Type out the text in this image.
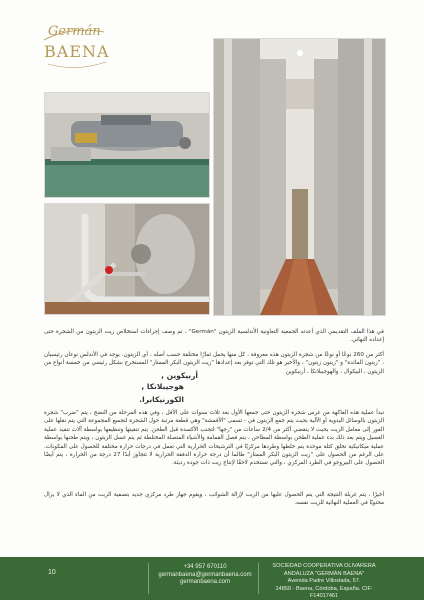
Germán
BAENA

في هذا الملف التقديمي الذي أعدته الجمعية التعاونية الأندلسية الزيتون "Germán" ، تم وصف إجراءات استخلاص زيت الزيتون من الشجرة حتى إعداده النهائي.

أكثر من 260 نوعًا أو نوعًا من شجرة الزيتون هذه معروفة ، كل منها يحمل ثمارًا مختلفة حسب أصله ، أي الزيتون. يوجد في الأندلس نوعان رئيسيان ، "زيتون المائدة" و "زيتون زيتون" ، والأخير هو تلك التي توفر بعد إعدادها "زيت الزيتون البكر الممتاز" المستخرج بشكل رئيسي من خمسة أنواع من الزيتون ، البيكوال ، والهوجيبلانكا ، أربيكوين

أربيكوين ,
هوجيبلانكا ,
الكورنيكابرا.

تبدأ عملية هذه الفاكهة من غرس شجرة الزيتون حتى جمعها الأول بعد ثلاث سنوات على الأقل ، وفي هذه المرحلة من النضج ، يتم "ضرب" شجرة الزيتون بالوسائل اليدوية أو الآلية بحيث يتم جمع الزيتون في - تسمى "الأقمشة" وهي قطعة مرتبة حول الشجرة لتجميع المجموعة التي يتم نقلها على الفور إلى معامل الزيت بحيث لا ينقضي أكثر من 2/4 ساعات من "رجها" لتجنب الأكسدة قبل الطحن. يتم تنقيتها وتنظيفها بواسطة آلات تنفيذ عملية الغسيل ويتم بعد ذلك بدء عملية الطحن بواسطة المطاحن ، يتم فصل القمامة والأشياء المتصلة المختلطة ثم يتم غسل الزيتون ، ويتم طحنها بواسطة عملية ميكانيكية تخلق كتلة موحدة يتم خلطها وطردها مركزيًا في الترشيحات الحرارية التي تعمل في درجات حرارة مختلفة للحصول على المكونات. على الرغم من الحصول على "زيت الزيتون البكر الممتاز" طالما أن درجة حرارة الدفقة الحرارية لا تتجاوز أبدًا 27 درجة من الحرارة ، يتم أيضًا الحصول على البيروجو في الطرد المركزي ، والتي تستخدم لاحقًا لإنتاج زيت ذات جودة رديئة.

أخيرًا ، يتم غربلة النتيجة التي يتم الحصول عليها من الزيت لإزالة الشوائب ، ويقوم جهاز طرد مركزي جديد بتصفية الزيت من الماء الذي لا يزال محتويًا في العملية النهائية للزيت نفسه.

10
+34 957 670110
germanbaena@germanbaena.com
germanbaena.com
SOCIEDAD COOPERATIVA OLIVARERA ANDALUZA "GERMÁN BAENA"
Avenida Padre Villoslada, 57.
14850 - Baena, Córdoba, España. CIF: F14017461
